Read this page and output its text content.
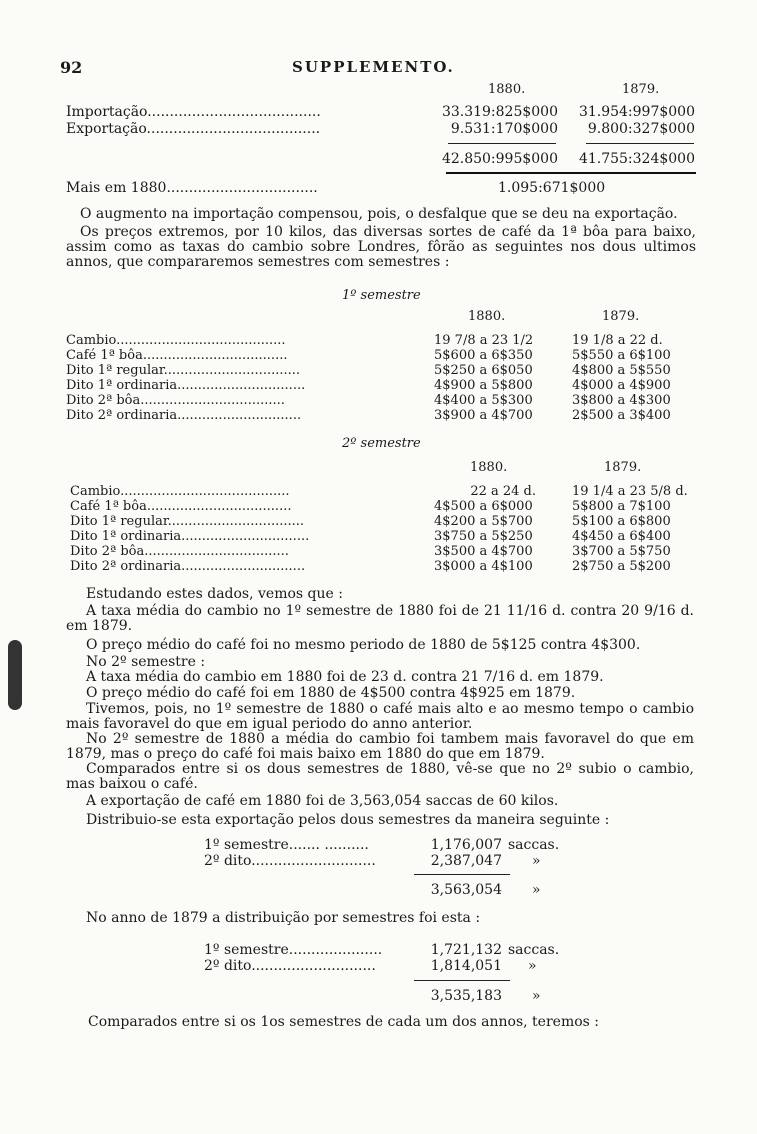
92	SUPPLEMENTO.
1880.	1879.
Importação.......................................	33.319:825$000	31.954:997$000
Exportação.......................................	9.531:170$000	9.800:327$000
42.850:995$000	41.755:324$000
Mais em 1880..................................	1.095:671$000

O augmento na importação compensou, pois, o desfalque que se deu na exportação.

Os preços extremos, por 10 kilos, das diversas sortes de café da 1ª bôa para baixo, assim como as taxas do cambio sobre Londres, fôrão as seguintes nos dous ultimos annos, que compararemos semestres com semestres :

1º semestre
1880.	1879.
Cambio.........................................	19 7/8 a 23 1/2	19 1/8 a 22 d.
Café 1ª bôa...................................	5$600 a 6$350	5$550 a 6$100
Dito 1ª regular.................................	5$250 a 6$050	4$800 a 5$550
Dito 1ª ordinaria...............................	4$900 a 5$800	4$000 a 4$900
Dito 2ª bôa...................................	4$400 a 5$300	3$800 a 4$300
Dito 2ª ordinaria..............................	3$900 a 4$700	2$500 a 3$400
2º semestre
1880.	1879.
Cambio.........................................	22 a 24 d.	19 1/4 a 23 5/8 d.
Café 1ª bôa...................................	4$500 a 6$000	5$800 a 7$100
Dito 1ª regular.................................	4$200 a 5$700	5$100 a 6$800
Dito 1ª ordinaria...............................	3$750 a 5$250	4$450 a 6$400
Dito 2ª bôa...................................	3$500 a 4$700	3$700 a 5$750
Dito 2ª ordinaria..............................	3$000 a 4$100	2$750 a 5$200
Estudando estes dados, vemos que :

A taxa média do cambio no 1º semestre de 1880 foi de 21 11/16 d. contra 20 9/16 d. em 1879.

O preço médio do café foi no mesmo periodo de 1880 de 5$125 contra 4$300.

No 2º semestre :

A taxa média do cambio em 1880 foi de 23 d. contra 21 7/16 d. em 1879.

O preço médio do café foi em 1880 de 4$500 contra 4$925 em 1879.

Tivemos, pois, no 1º semestre de 1880 o café mais alto e ao mesmo tempo o cambio mais favoravel do que em igual periodo do anno anterior.

No 2º semestre de 1880 a média do cambio foi tambem mais favoravel do que em 1879, mas o preço do café foi mais baixo em 1880 do que em 1879.

Comparados entre si os dous semestres de 1880, vê-se que no 2º subio o cambio, mas baixou o café.

A exportação de café em 1880 foi de 3,563,054 saccas de 60 kilos.
Distribuio-se esta exportação pelos dous semestres da maneira seguinte :
1º semestre....... ..........	1,176,007 saccas.
2º dito............................	2,387,047 »
3,563,054 »
No anno de 1879 a distribuição por semestres foi esta :
1º semestre.....................	1,721,132 saccas.
2º dito............................	1,814,051 »
3,535,183 »
Comparados entre si os 1os semestres de cada um dos annos, teremos :
